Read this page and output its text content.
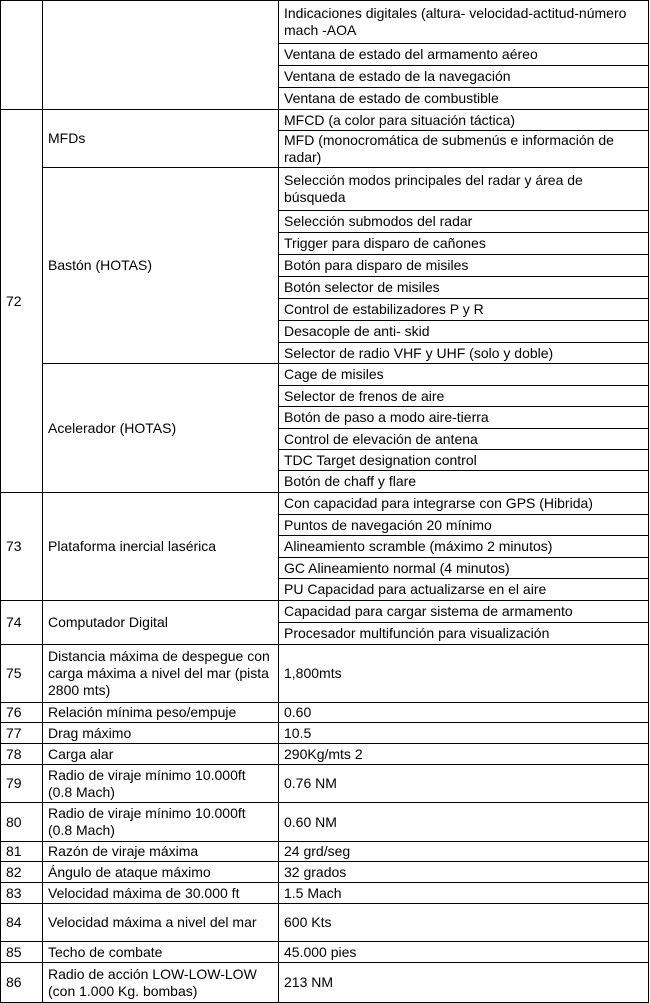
		Indicaciones digitales (altura- velocidad-actitud-número mach -AOA
		Ventana de estado del armamento aéreo
		Ventana de estado de la navegación
		Ventana de estado de combustible
72	MFDs	MFCD (a color para situación táctica)
		MFD (monocromática de submenús e información de radar)
	Bastón (HOTAS)	Selección modos principales del radar y área de búsqueda
		Selección submodos del radar
		Trigger para disparo de cañones
		Botón para disparo de misiles
		Botón selector de misiles
		Control de estabilizadores P y R
		Desacople de anti- skid
		Selector de radio VHF y UHF (solo y doble)
	Acelerador (HOTAS)	Cage de misiles
		Selector de frenos de aire
		Botón de paso a modo aire-tierra
		Control de elevación de antena
		TDC Target designation control
		Botón de chaff y flare
73	Plataforma inercial lasérica	Con capacidad para integrarse con GPS (Hibrida)
		Puntos de navegación 20 mínimo
		Alineamiento scramble (máximo 2 minutos)
		GC Alineamiento normal (4 minutos)
		PU Capacidad para actualizarse en el aire
74	Computador Digital	Capacidad para cargar sistema de armamento
		Procesador multifunción para visualización
75	Distancia máxima de despegue con carga máxima a nivel del mar (pista 2800 mts)	1,800mts
76	Relación mínima peso/empuje	0.60
77	Drag máximo	10.5
78	Carga alar	290Kg/mts 2
79	Radio de viraje mínimo 10.000ft (0.8 Mach)	0.76 NM
80	Radio de viraje mínimo 10.000ft (0.8 Mach)	0.60 NM
81	Razón de viraje máxima	24 grd/seg
82	Ángulo de ataque máximo	32 grados
83	Velocidad máxima de 30.000 ft	1.5 Mach
84	Velocidad máxima a nivel del mar	600 Kts
85	Techo de combate	45.000 pies
86	Radio de acción LOW-LOW-LOW (con 1.000 Kg. bombas)	213 NM
